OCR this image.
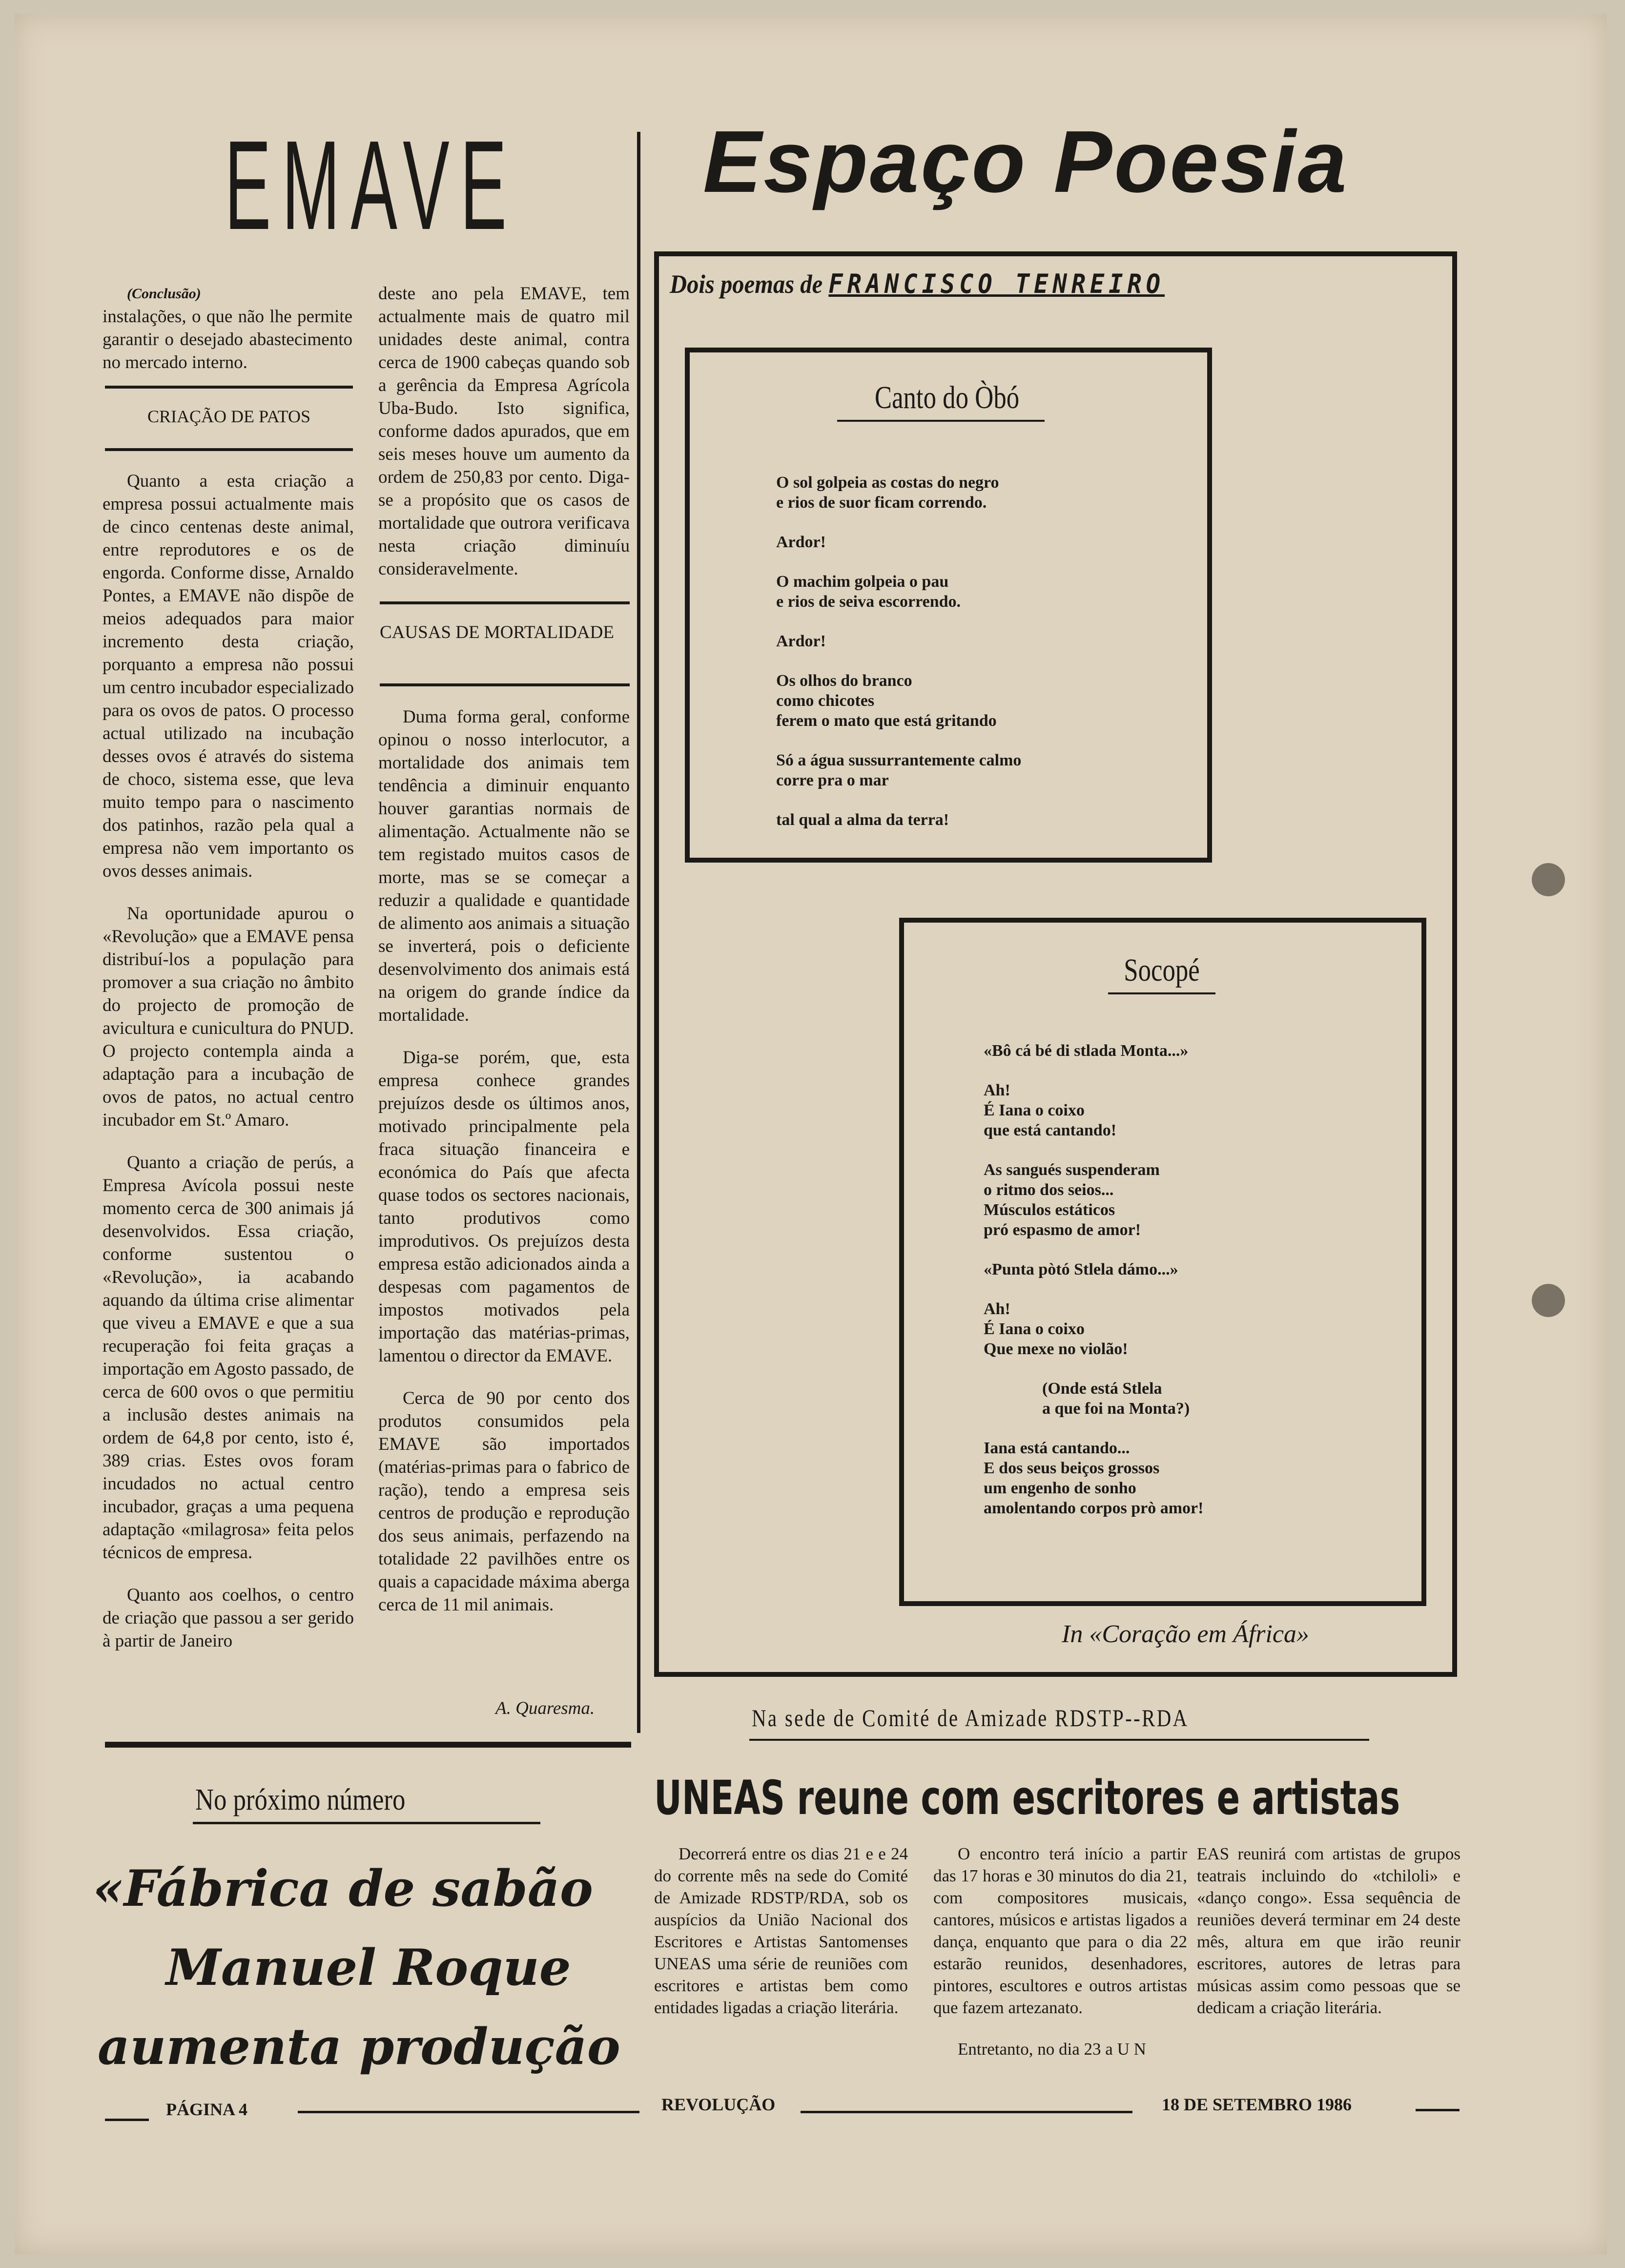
EMAVE
(Conclusão)

instalações, o que não lhe permite garantir o desejado abastecimento no mercado interno.

CRIAÇÃO DE PATOS

Quanto a esta criação a empresa possui actualmente mais de cinco centenas deste animal, entre reprodutores e os de engorda. Conforme disse, Arnaldo Pontes, a EMAVE não dispõe de meios adequados para maior incremento desta criação, porquanto a empresa não possui um centro incubador especializado para os ovos de patos. O processo actual utilizado na incubação desses ovos é através do sistema de choco, sistema esse, que leva muito tempo para o nascimento dos patinhos, razão pela qual a empresa não vem importanto os ovos desses animais.

Na oportunidade apurou o «Revolução» que a EMAVE pensa distribuí-los a população para promover a sua criação no âmbito do projecto de promoção de avicultura e cunicultura do PNUD. O projecto contempla ainda a adaptação para a incubação de ovos de patos, no actual centro incubador em St.º Amaro.

Quanto a criação de perús, a Empresa Avícola possui neste momento cerca de 300 animais já desenvolvidos. Essa criação, conforme sustentou o «Revolução», ia acabando aquando da última crise alimentar que viveu a EMAVE e que a sua recuperação foi feita graças a importação em Agosto passado, de cerca de 600 ovos o que permitiu a inclusão destes animais na ordem de 64,8 por cento, isto é, 389 crias. Estes ovos foram incudados no actual centro incubador, graças a uma pequena adaptação «milagrosa» feita pelos técnicos de empresa.

Quanto aos coelhos, o centro de criação que passou a ser gerido à partir de Janeiro

deste ano pela EMAVE, tem actualmente mais de quatro mil unidades deste animal, contra cerca de 1900 cabeças quando sob a gerência da Empresa Agrícola Uba-Budo. Isto significa, conforme dados apurados, que em seis meses houve um aumento da ordem de 250,83 por cento. Diga-se a propósito que os casos de mortalidade que outrora verificava nesta criação diminuíu consideravelmente.

CAUSAS DE MORTALIDADE

Duma forma geral, conforme opinou o nosso interlocutor, a mortalidade dos animais tem tendência a diminuir enquanto houver garantias normais de alimentação. Actualmente não se tem registado muitos casos de morte, mas se se começar a reduzir a qualidade e quantidade de alimento aos animais a situação se inverterá, pois o deficiente desenvolvimento dos animais está na origem do grande índice da mortalidade.

Diga-se porém, que, esta empresa conhece grandes prejuízos desde os últimos anos, motivado principalmente pela fraca situação financeira e económica do País que afecta quase todos os sectores nacionais, tanto produtivos como improdutivos. Os prejuízos desta empresa estão adicionados ainda a despesas com pagamentos de impostos motivados pela importação das matérias-primas, lamentou o director da EMAVE.

Cerca de 90 por cento dos produtos consumidos pela EMAVE são importados (matérias-primas para o fabrico de ração), tendo a empresa seis centros de produção e reprodução dos seus animais, perfazendo na totalidade 22 pavilhões entre os quais a capacidade máxima aberga cerca de 11 mil animais.

A. Quaresma.
No próximo número
«Fábrica de sabão
Manuel Roque
aumenta produção
Espaço Poesia
Dois poemas de FRANCISCO TENREIRO
Canto do Òbó
O sol golpeia as costas do negro
e rios de suor ficam correndo.
Ardor!
O machim golpeia o pau
e rios de seiva escorrendo.
Ardor!
Os olhos do branco
como chicotes
ferem o mato que está gritando
Só a água sussurrantemente calmo
corre pra o mar
tal qual a alma da terra!
Socopé
«Bô cá bé di stlada Monta...»
Ah!
É Iana o coixo
que está cantando!
As sangués suspenderam
o ritmo dos seios...
Músculos estáticos
pró espasmo de amor!
«Punta pòtó Stlela dámo...»
Ah!
É Iana o coixo
Que mexe no violão!
(Onde está Stlela
a que foi na Monta?)
Iana está cantando...
E dos seus beiços grossos
um engenho de sonho
amolentando corpos prò amor!
In «Coração em África»
Na sede de Comité de Amizade RDSTP--RDA
UNEAS reune com escritores e artistas

Decorrerá entre os dias 21 e e 24 do corrente mês na sede do Comité de Amizade RDSTP/RDA, sob os auspícios da União Nacional dos Escritores e Artistas Santomenses UNEAS uma série de reuniões com escritores e artistas bem como entidades ligadas a criação literária.

O encontro terá início a partir das 17 horas e 30 minutos do dia 21, com compositores musicais, cantores, músicos e artistas ligados a dança, enquanto que para o dia 22 estarão reunidos, desenhadores, pintores, escultores e outros artistas que fazem artezanato.

Entretanto, no dia 23 a U N

EAS reunirá com artistas de grupos teatrais incluindo do «tchiloli» e «danço congo». Essa sequência de reuniões deverá terminar em 24 deste mês, altura em que irão reunir escritores, autores de letras para músicas assim como pessoas que se dedicam a criação literária.

PÁGINA 4	REVOLUÇÃO	18 DE SETEMBRO 1986
